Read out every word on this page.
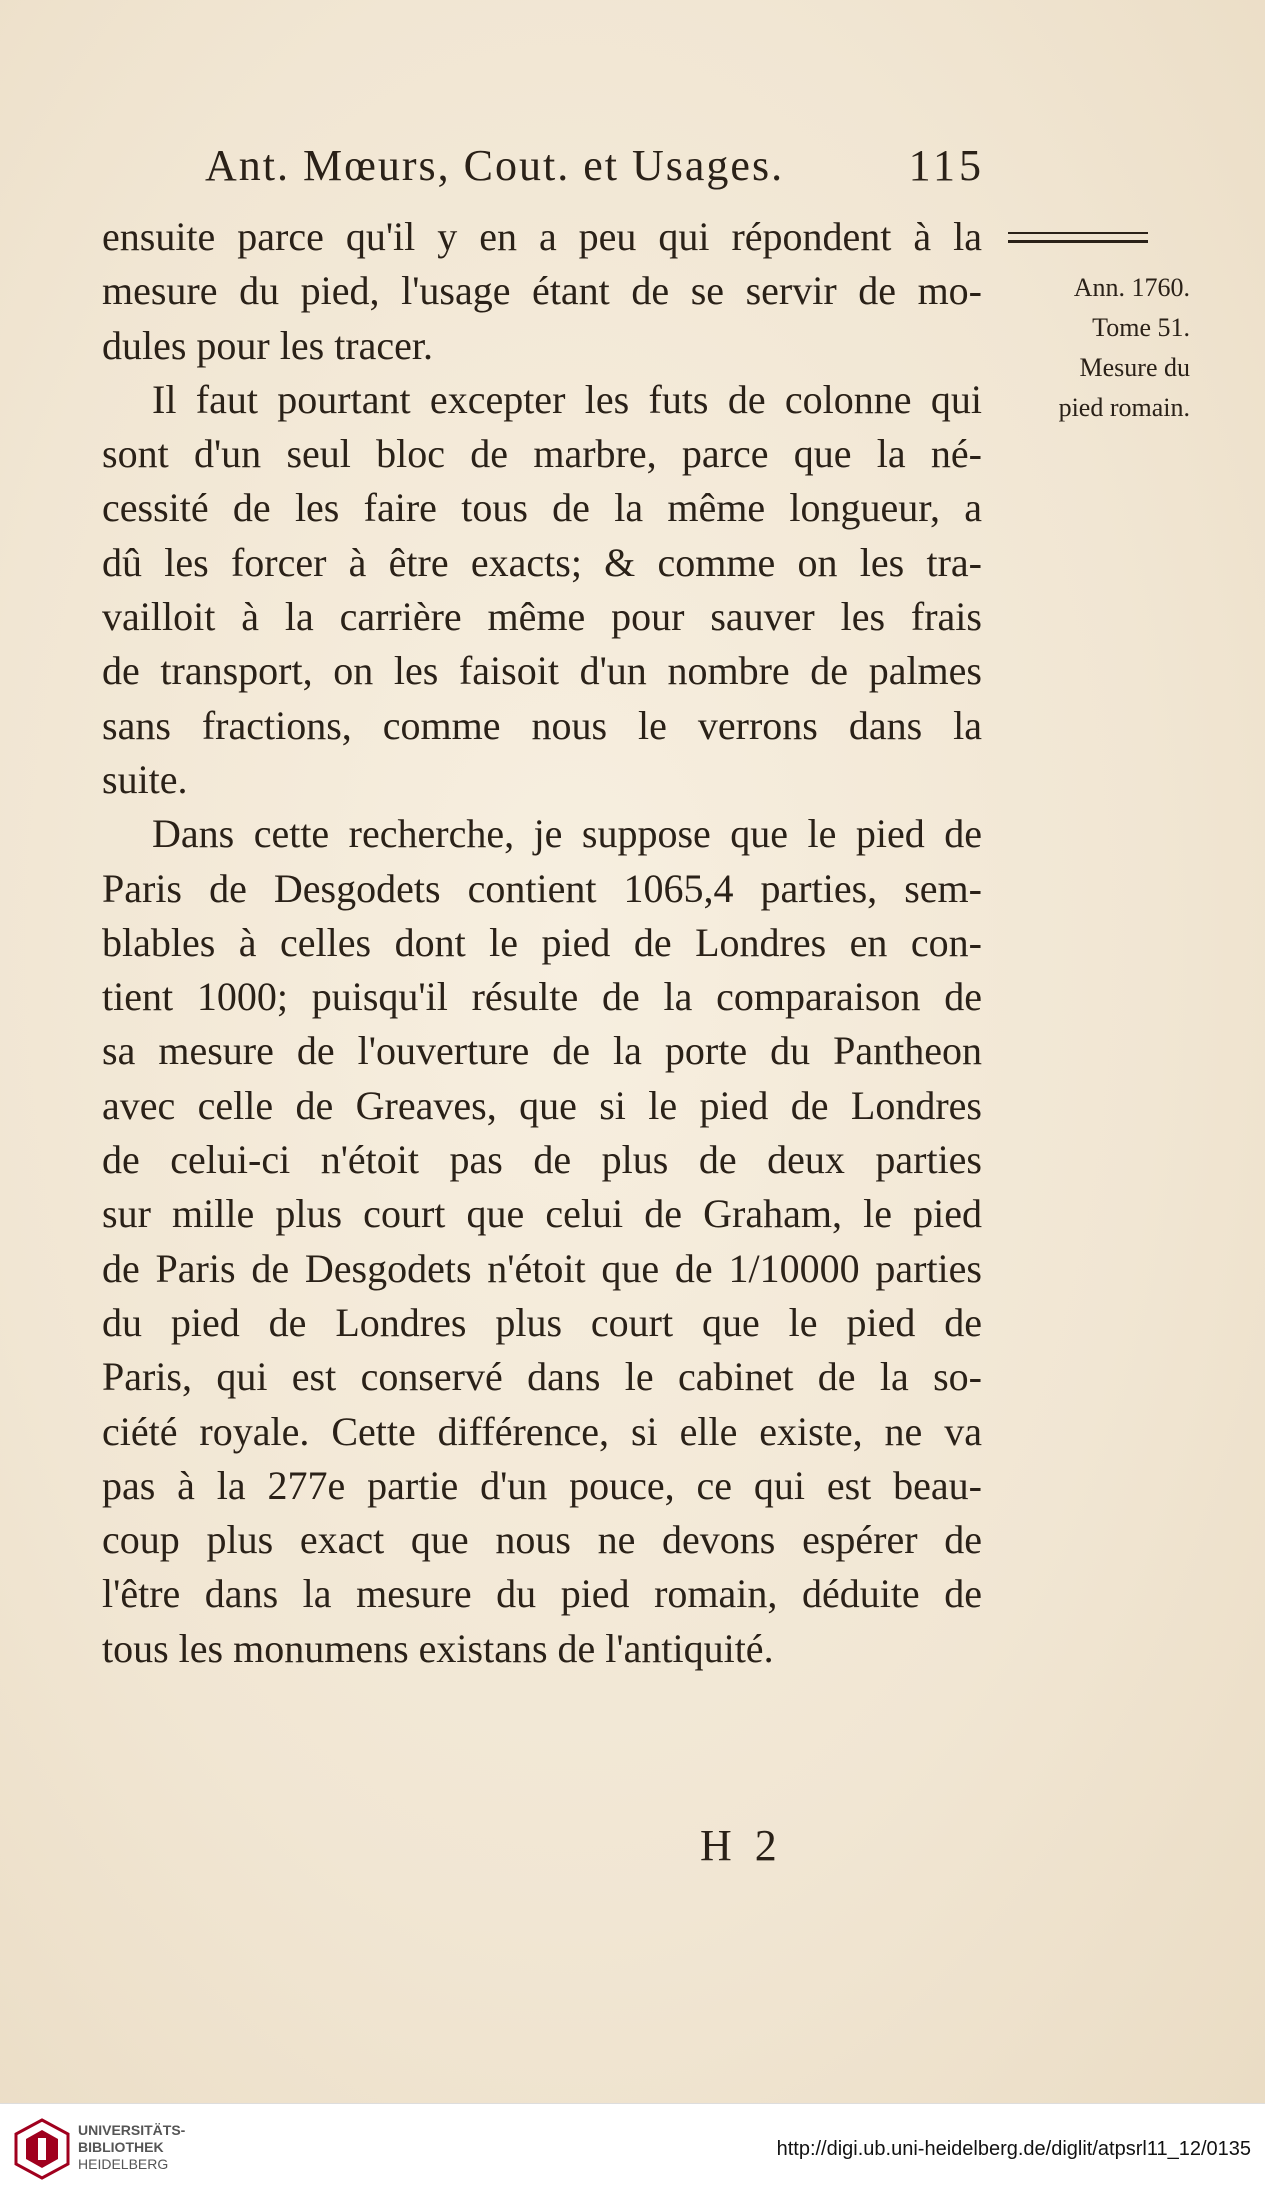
Ant. Mœurs, Cout. et Usages.	115
Ann. 1760.
Tome 51.
Mesure du
pied romain.
ensuite parce qu'il y en a peu qui répondent à la
mesure du pied, l'usage étant de se servir de mo-
dules pour les tracer.
Il faut pourtant excepter les futs de colonne qui
sont d'un seul bloc de marbre, parce que la né-
cessité de les faire tous de la même longueur, a
dû les forcer à être exacts; & comme on les tra-
vailloit à la carrière même pour sauver les frais
de transport, on les faisoit d'un nombre de palmes
sans fractions, comme nous le verrons dans la
suite.
Dans cette recherche, je suppose que le pied de
Paris de Desgodets contient 1065,4 parties, sem-
blables à celles dont le pied de Londres en con-
tient 1000; puisqu'il résulte de la comparaison de
sa mesure de l'ouverture de la porte du Pantheon
avec celle de Greaves, que si le pied de Londres
de celui-ci n'étoit pas de plus de deux parties
sur mille plus court que celui de Graham, le pied
de Paris de Desgodets n'étoit que de 1/10000 parties
du pied de Londres plus court que le pied de
Paris, qui est conservé dans le cabinet de la so-
ciété royale. Cette différence, si elle existe, ne va
pas à la 277e partie d'un pouce, ce qui est beau-
coup plus exact que nous ne devons espérer de
l'être dans la mesure du pied romain, déduite de
tous les monumens existans de l'antiquité.
H 2
UNIVERSITÄTS-
BIBLIOTHEK
HEIDELBERG
http://digi.ub.uni-heidelberg.de/diglit/atpsrl11_12/0135
